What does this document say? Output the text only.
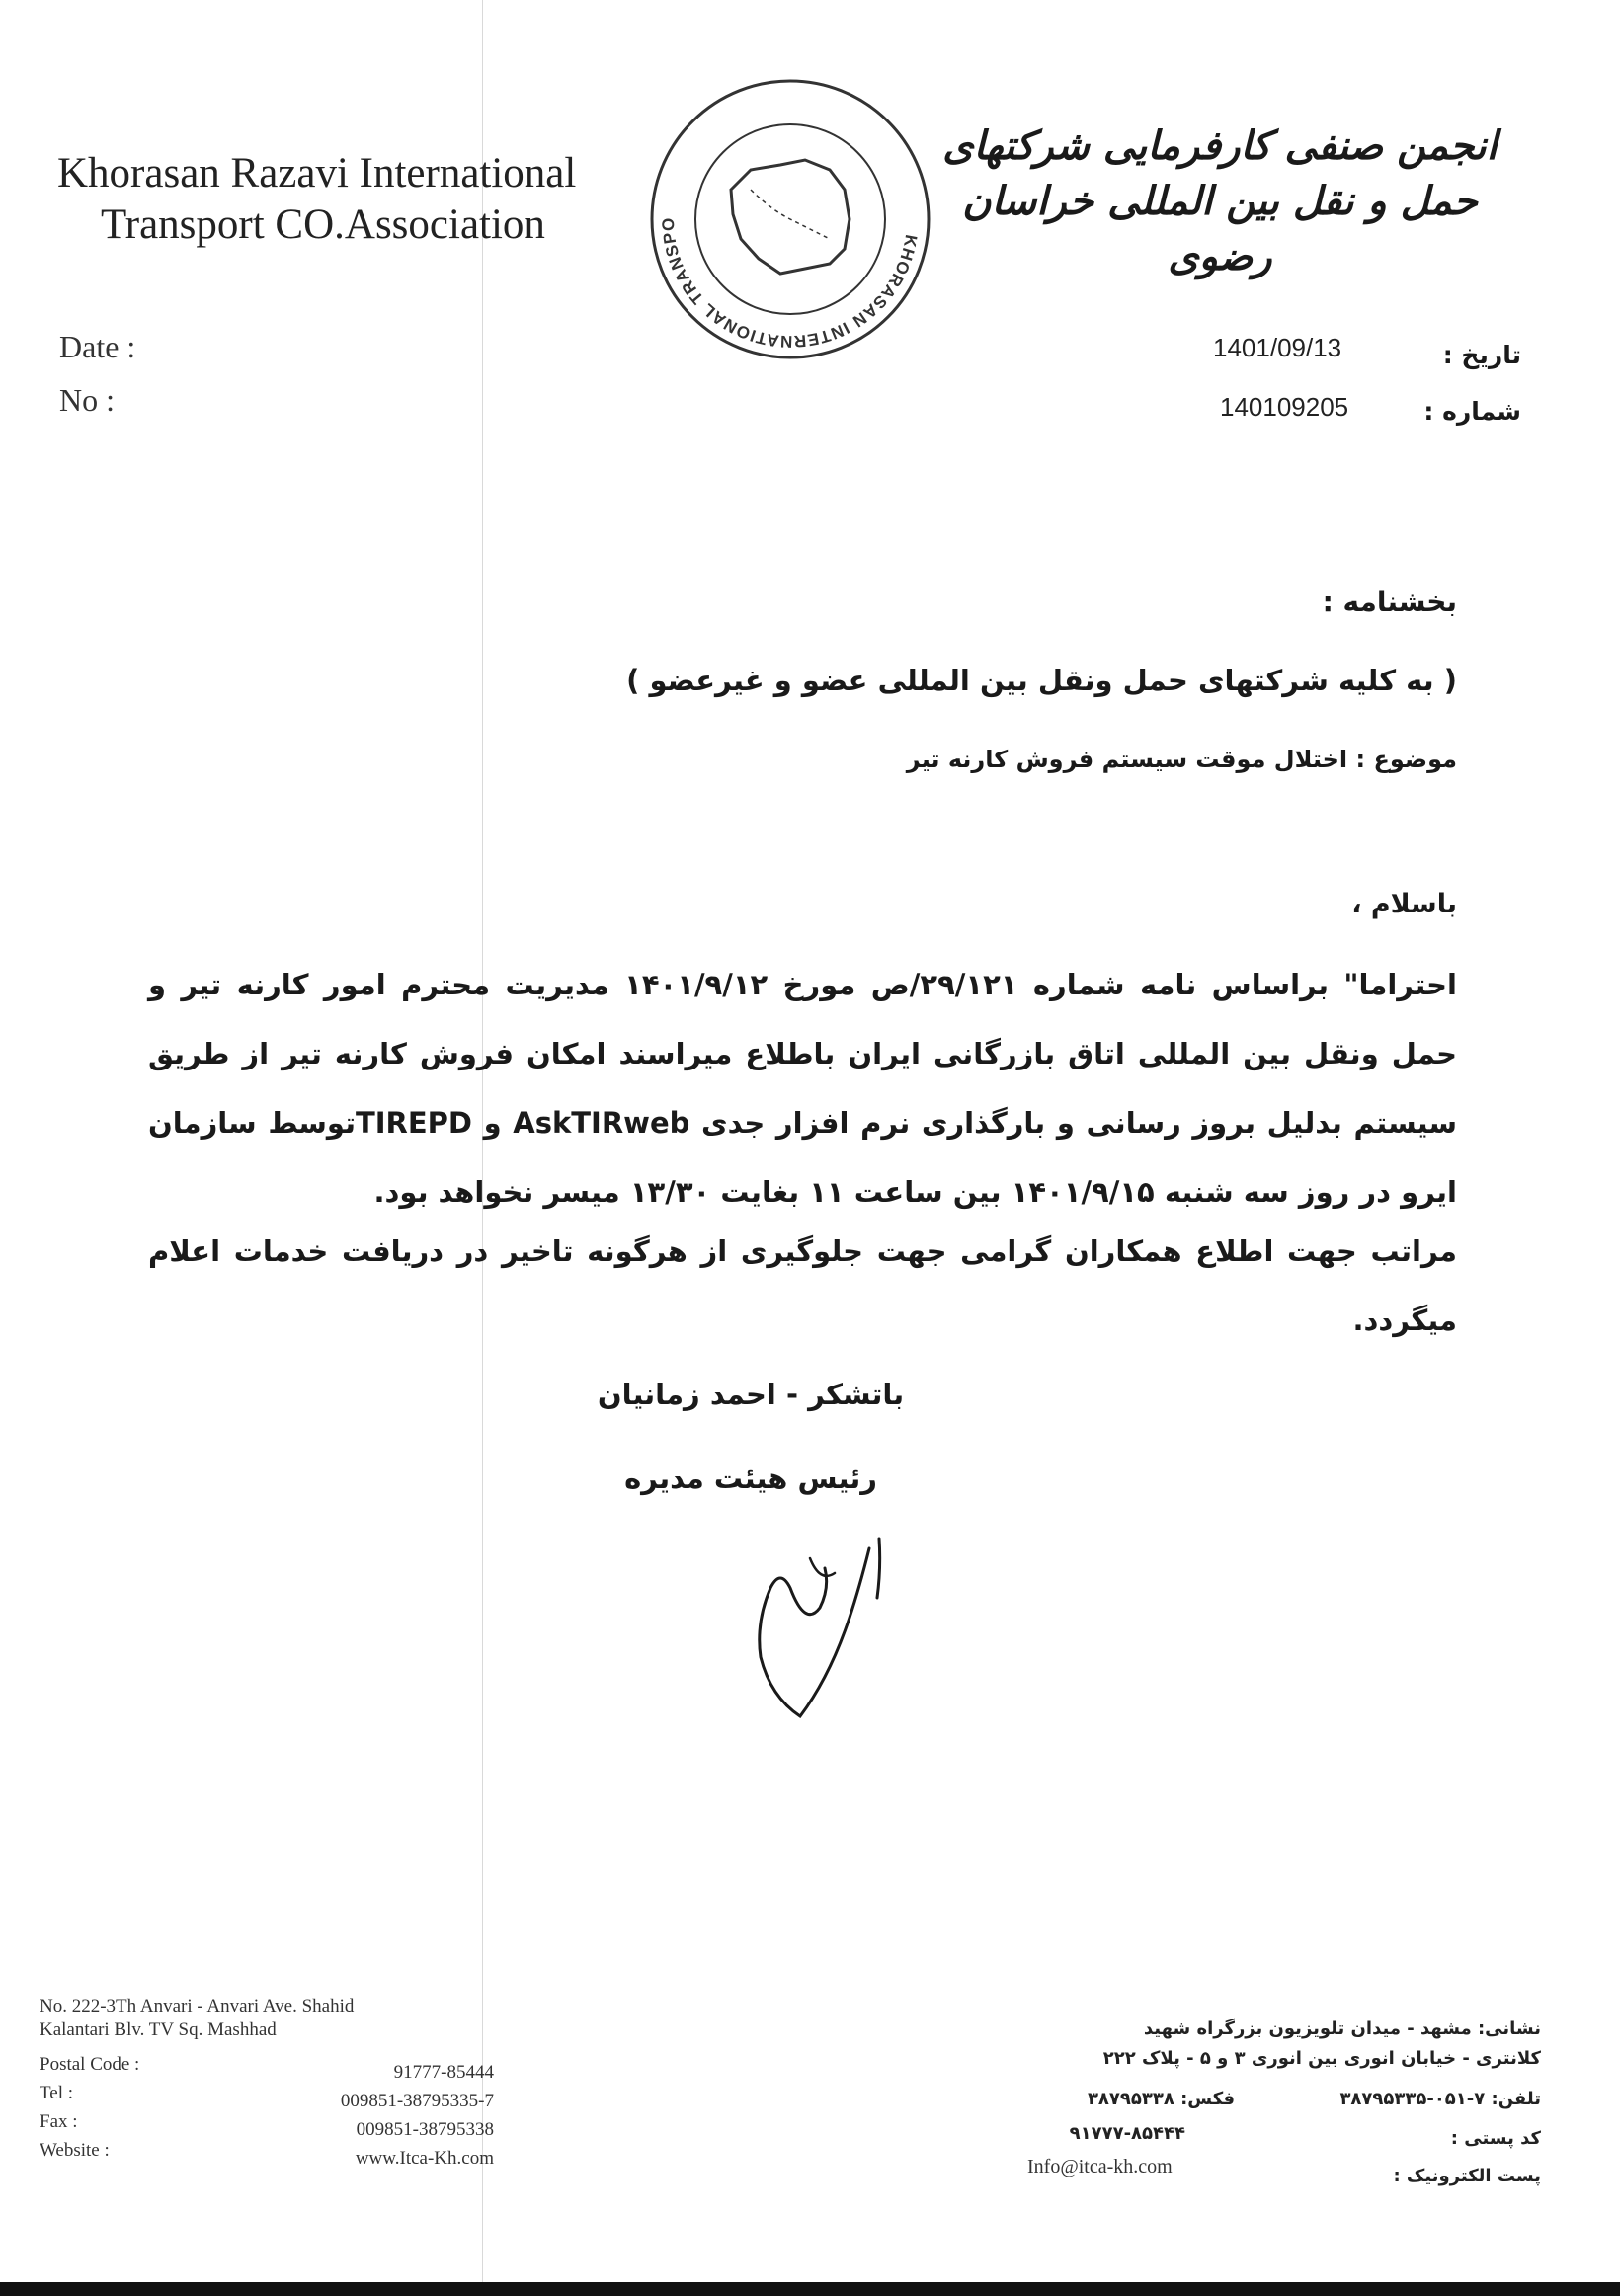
Khorasan Razavi International
Transport CO.Association	KHORASAN INTERNATIONAL TRANSPO
انجمن صنفی کارفرمایی شرکتهای حمل و نقل بین المللی خراسان رضوی
Date :
No :
1401/09/13
140109205
تاریخ :
شماره :
بخشنامه :
( به کلیه شرکتهای حمل ونقل بین المللی عضو و غیرعضو )
موضوع : اختلال موقت سیستم فروش کارنه تیر
باسلام ،
احتراما" براساس نامه شماره ۲۹/۱۲۱/ص مورخ ۱۴۰۱/۹/۱۲ مدیریت محترم امور کارنه تیر و حمل ونقل بین المللی اتاق بازرگانی ایران باطلاع میراسند امکان فروش کارنه تیر از طریق سیستم بدلیل بروز رسانی و بارگذاری نرم افزار جدی AskTIRweb و TIREPDتوسط سازمان ایرو در روز سه شنبه ۱۴۰۱/۹/۱۵ بین ساعت ۱۱ بغایت ۱۳/۳۰ میسر نخواهد بود.
مراتب جهت اطلاع همکاران گرامی جهت جلوگیری از هرگونه تاخیر در دریافت خدمات اعلام میگردد.
باتشکر - احمد زمانیان
رئیس هیئت مدیره
No. 222-3Th Anvari - Anvari Ave. Shahid
Kalantari Blv. TV Sq. Mashhad
Postal Code :
Tel :
Fax :
Website :
91777-85444
009851-38795335-7
009851-38795338
www.Itca-Kh.com
نشانی: مشهد - میدان تلویزیون بزرگراه شهید
کلانتری - خیابان انوری بین انوری ۳ و ۵ - پلاک ۲۲۲
تلفن: ۷-۰۵۱-۳۸۷۹۵۳۳۵
فکس: ۳۸۷۹۵۳۳۸
کد پستی :
۹۱۷۷۷-۸۵۴۴۴
پست الکترونیک :
Info@itca-kh.com
